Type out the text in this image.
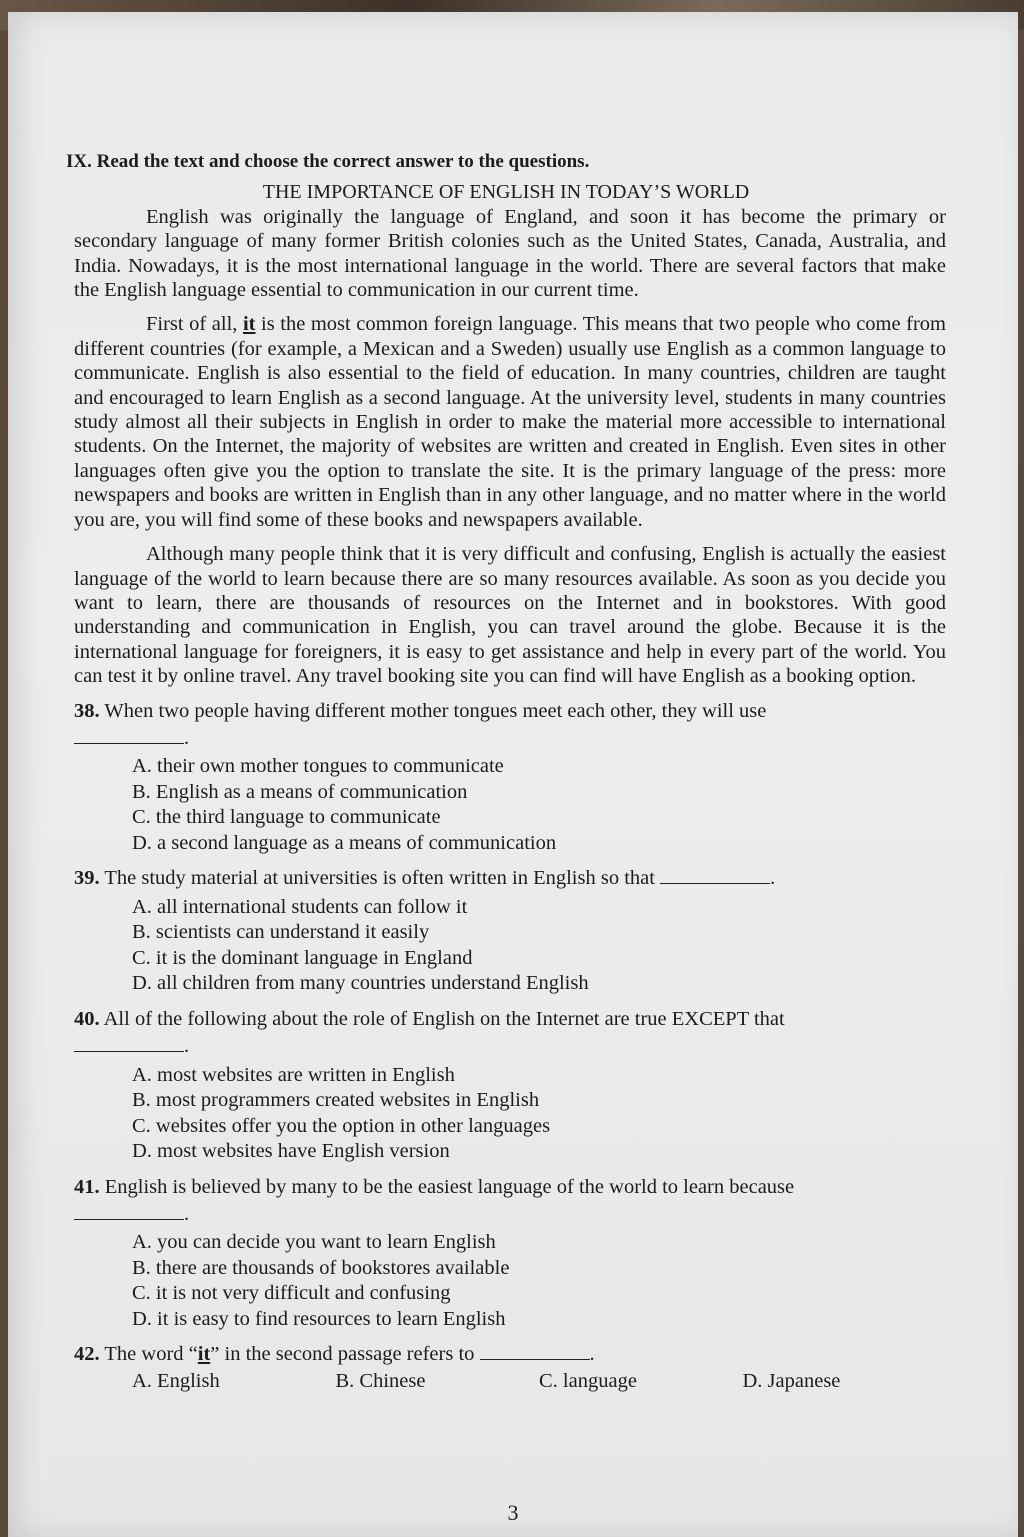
IX. Read the text and choose the correct answer to the questions.
THE IMPORTANCE OF ENGLISH IN TODAY’S WORLD

English was originally the language of England, and soon it has become the primary or secondary language of many former British colonies such as the United States, Canada, Australia, and India. Nowadays, it is the most international language in the world. There are several factors that make the English language essential to communication in our current time.

First of all, it is the most common foreign language. This means that two people who come from different countries (for example, a Mexican and a Sweden) usually use English as a common language to communicate. English is also essential to the field of education. In many countries, children are taught and encouraged to learn English as a second language. At the university level, students in many countries study almost all their subjects in English in order to make the material more accessible to international students. On the Internet, the majority of websites are written and created in English. Even sites in other languages often give you the option to translate the site. It is the primary language of the press: more newspapers and books are written in English than in any other language, and no matter where in the world you are, you will find some of these books and newspapers available.

Although many people think that it is very difficult and confusing, English is actually the easiest language of the world to learn because there are so many resources available. As soon as you decide you want to learn, there are thousands of resources on the Internet and in bookstores. With good understanding and communication in English, you can travel around the globe. Because it is the international language for foreigners, it is easy to get assistance and help in every part of the world. You can test it by online travel. Any travel booking site you can find will have English as a booking option.

38. When two people having different mother tongues meet each other, they will use
.
A. their own mother tongues to communicate
B. English as a means of communication
C. the third language to communicate
D. a second language as a means of communication
39. The study material at universities is often written in English so that	.
A. all international students can follow it
B. scientists can understand it easily
C. it is the dominant language in England
D. all children from many countries understand English
40. All of the following about the role of English on the Internet are true EXCEPT that
.
A. most websites are written in English
B. most programmers created websites in English
C. websites offer you the option in other languages
D. most websites have English version
41. English is believed by many to be the easiest language of the world to learn because
.
A. you can decide you want to learn English
B. there are thousands of bookstores available
C. it is not very difficult and confusing
D. it is easy to find resources to learn English
42. The word “it” in the second passage refers to	.
A. English	B. Chinese	C. language	D. Japanese
3
